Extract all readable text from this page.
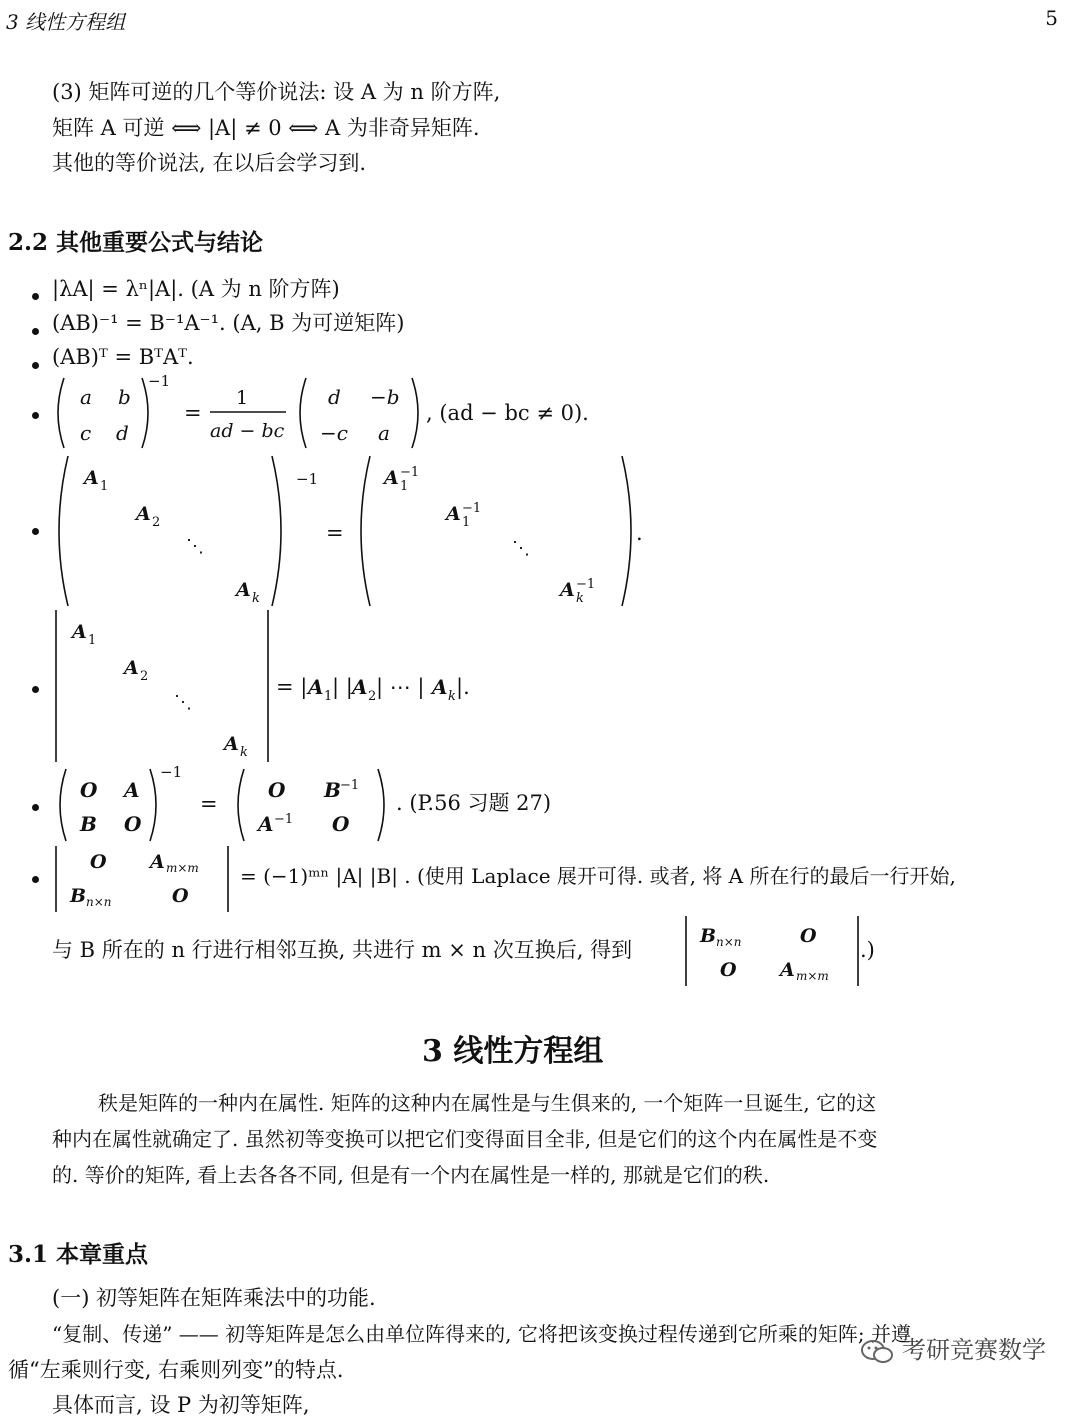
3 线性方程组	5
(3) 矩阵可逆的几个等价说法: 设 A 为 n 阶方阵,
矩阵 A 可逆 ⟺ |A| ≠ 0 ⟺ A 为非奇异矩阵.
其他的等价说法, 在以后会学习到.
2.2 其他重要公式与结论
|λA| = λⁿ|A|. (A 为 n 阶方阵)
(AB)⁻¹ = B⁻¹A⁻¹. (A, B 为可逆矩阵)
(AB)ᵀ = BᵀAᵀ.
a b
c d
−1
=
1
ad − bc
d −b
−c a
, (ad − bc ≠ 0).
A 1
A 2
⋱
A k
−1
=
A −1
1
A −1
1
⋱
A −1
k
.
A 1
A 2
⋱
A k
= | A 1 | | A 2 | ⋯ | A k |.
O A
B O
−1
=
O B −1
A −1 O
. (P.56 习题 27)
O A m×m
B n×n	O
= (−1)ᵐⁿ |A| |B| . (使用 Laplace 展开可得. 或者, 将 A 所在行的最后一行开始,
与 B 所在的 n 行进行相邻互换, 共进行 m × n 次互换后, 得到
B n×n	O
O A m×m
.)
3 线性方程组
秩是矩阵的一种内在属性. 矩阵的这种内在属性是与生俱来的, 一个矩阵一旦诞生, 它的这
种内在属性就确定了. 虽然初等变换可以把它们变得面目全非, 但是它们的这个内在属性是不变
的. 等价的矩阵, 看上去各各不同, 但是有一个内在属性是一样的, 那就是它们的秩.
3.1 本章重点
(一) 初等矩阵在矩阵乘法中的功能.
“复制、传递” —— 初等矩阵是怎么由单位阵得来的, 它将把该变换过程传递到它所乘的矩阵; 并遵
循“左乘则行变, 右乘则列变”的特点.
具体而言, 设 P 为初等矩阵,
考研竞赛数学
